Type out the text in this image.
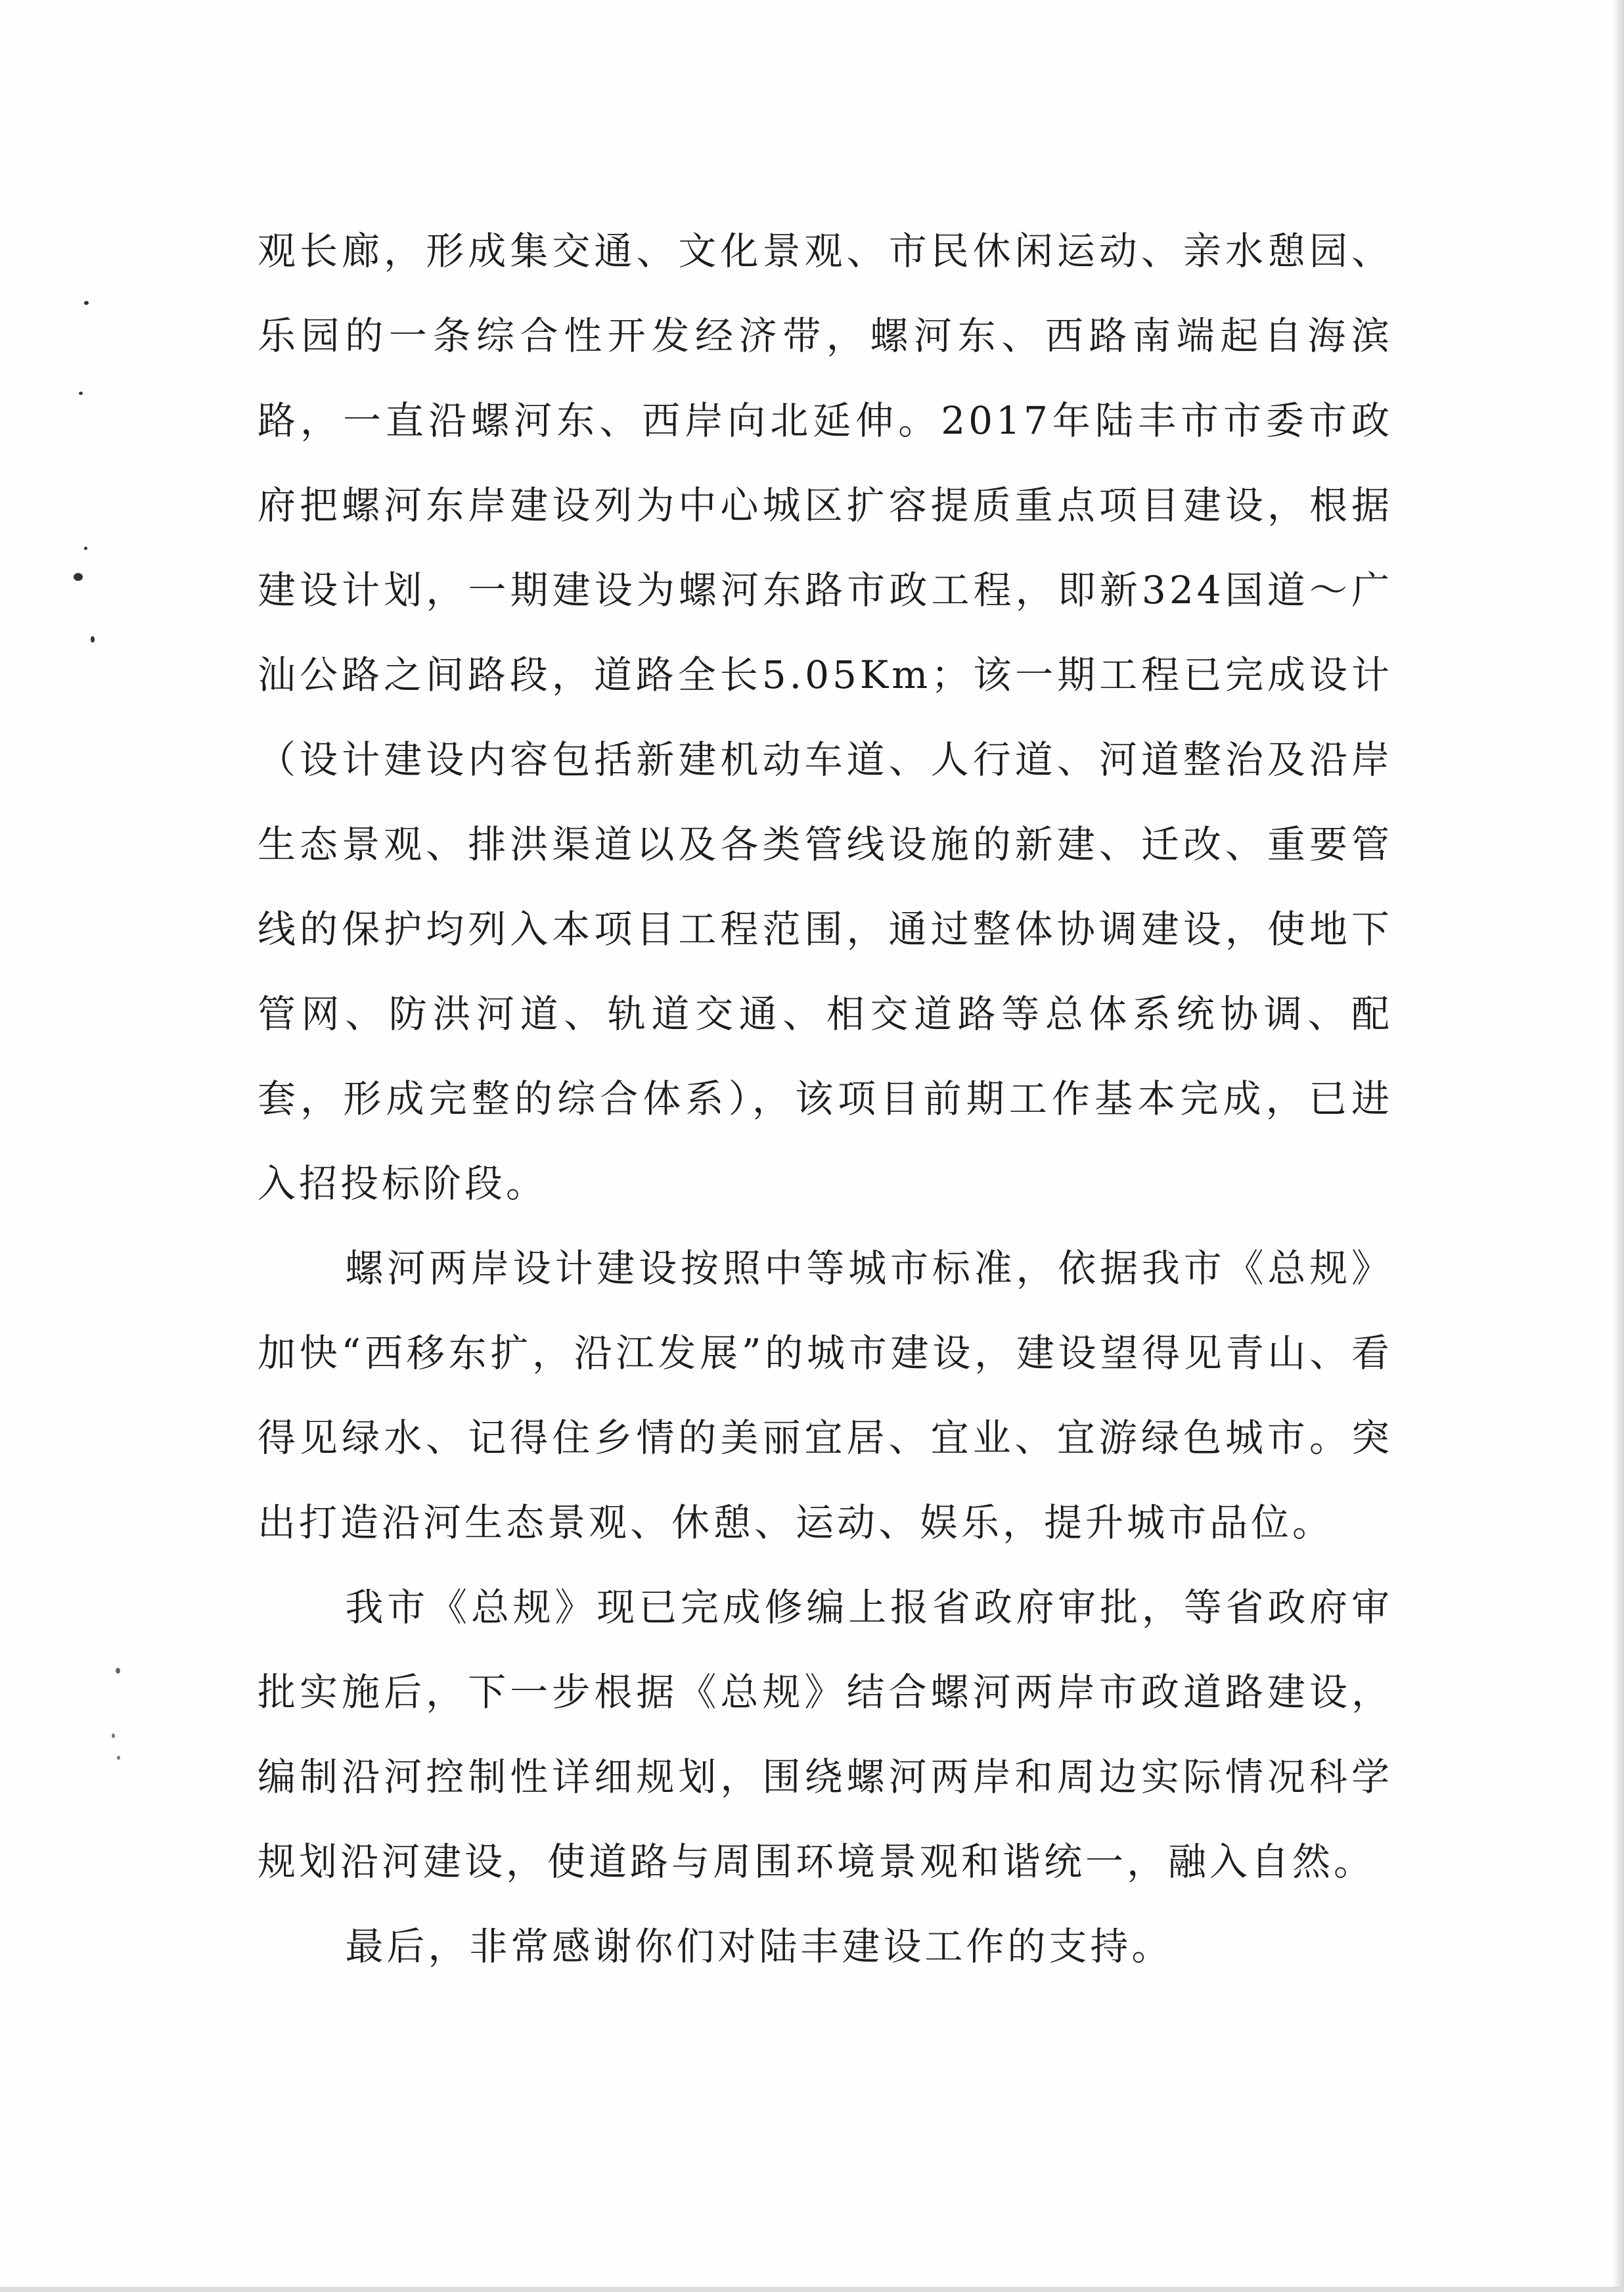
观长廊，形成集交通、文化景观、市民休闲运动、亲水憩园、乐园的一条综合性开发经济带，螺河东、西路南端起自海滨路，一直沿螺河东、西岸向北延伸。2017年陆丰市市委市政府把螺河东岸建设列为中心城区扩容提质重点项目建设，根据建设计划，一期建设为螺河东路市政工程，即新324国道～广汕公路之间路段，道路全长5.05Km；该一期工程已完成设计（设计建设内容包括新建机动车道、人行道、河道整治及沿岸生态景观、排洪渠道以及各类管线设施的新建、迁改、重要管线的保护均列入本项目工程范围，通过整体协调建设，使地下管网、防洪河道、轨道交通、相交道路等总体系统协调、配套，形成完整的综合体系），该项目前期工作基本完成，已进入招投标阶段。

螺河两岸设计建设按照中等城市标准，依据我市《总规》加快“西移东扩，沿江发展”的城市建设，建设望得见青山、看得见绿水、记得住乡情的美丽宜居、宜业、宜游绿色城市。突出打造沿河生态景观、休憩、运动、娱乐，提升城市品位。

我市《总规》现已完成修编上报省政府审批，等省政府审批实施后，下一步根据《总规》结合螺河两岸市政道路建设，编制沿河控制性详细规划，围绕螺河两岸和周边实际情况科学规划沿河建设，使道路与周围环境景观和谐统一，融入自然。

最后，非常感谢你们对陆丰建设工作的支持。
